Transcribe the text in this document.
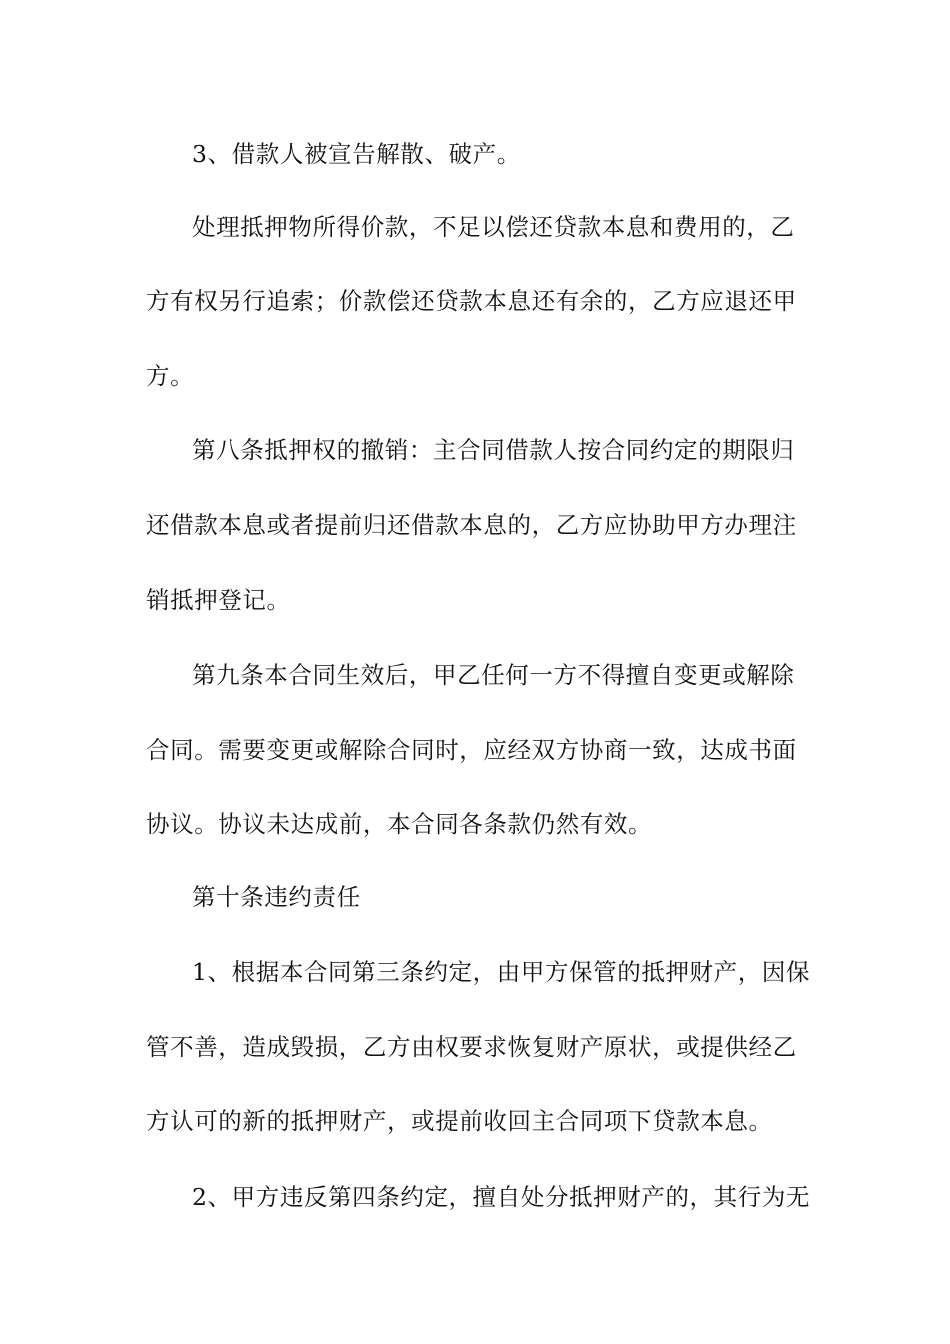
3、借款人被宣告解散、破产。
处理抵押物所得价款，不足以偿还贷款本息和费用的，乙
方有权另行追索；价款偿还贷款本息还有余的，乙方应退还甲
方。
第八条抵押权的撤销：主合同借款人按合同约定的期限归
还借款本息或者提前归还借款本息的，乙方应协助甲方办理注
销抵押登记。
第九条本合同生效后，甲乙任何一方不得擅自变更或解除
合同。需要变更或解除合同时，应经双方协商一致，达成书面
协议。协议未达成前，本合同各条款仍然有效。
第十条违约责任
1、根据本合同第三条约定，由甲方保管的抵押财产，因保
管不善，造成毁损，乙方由权要求恢复财产原状，或提供经乙
方认可的新的抵押财产，或提前收回主合同项下贷款本息。
2、甲方违反第四条约定，擅自处分抵押财产的，其行为无
